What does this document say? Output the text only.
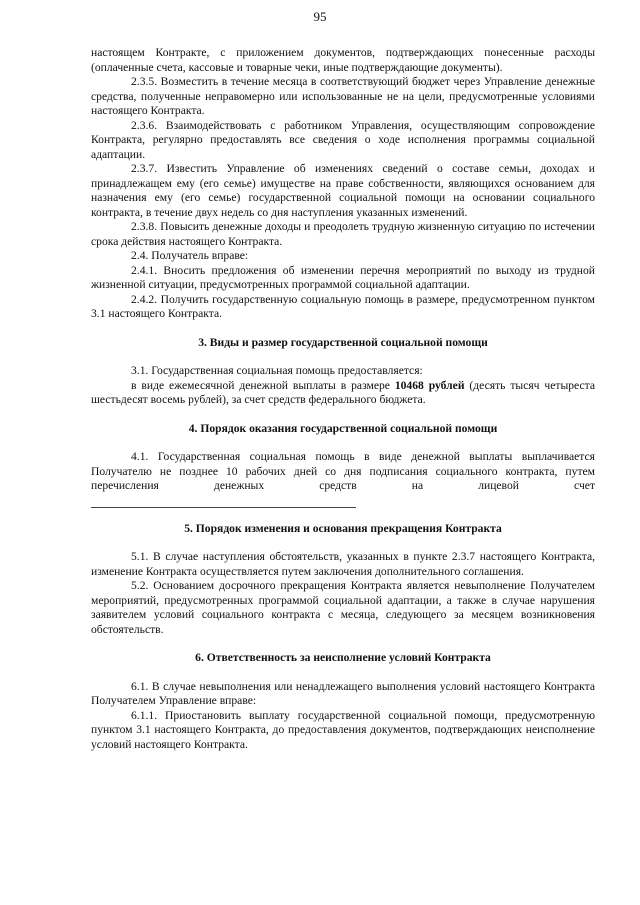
95

настоящем Контракте, с приложением документов, подтверждающих понесенные расходы (оплаченные счета, кассовые и товарные чеки, иные подтверждающие документы).

2.3.5. Возместить в течение месяца в соответствующий бюджет через Управление денежные средства, полученные неправомерно или использованные не на цели, предусмотренные условиями настоящего Контракта.

2.3.6. Взаимодействовать с работником Управления, осуществляющим сопровождение Контракта, регулярно предоставлять все сведения о ходе исполнения программы социальной адаптации.

2.3.7. Известить Управление об изменениях сведений о составе семьи, доходах и принадлежащем ему (его семье) имуществе на праве собственности, являющихся основанием для назначения ему (его семье) государственной социальной помощи на основании социального контракта, в течение двух недель со дня наступления указанных изменений.

2.3.8. Повысить денежные доходы и преодолеть трудную жизненную ситуацию по истечении срока действия настоящего Контракта.

2.4. Получатель вправе:

2.4.1. Вносить предложения об изменении перечня мероприятий по выходу из трудной жизненной ситуации, предусмотренных программой социальной адаптации.

2.4.2. Получить государственную социальную помощь в размере, предусмотренном пунктом 3.1 настоящего Контракта.

3. Виды и размер государственной социальной помощи

3.1. Государственная социальная помощь предоставляется:

в виде ежемесячной денежной выплаты в размере 10468 рублей (десять тысяч четыреста шестьдесят восемь рублей), за счет средств федерального бюджета.

4. Порядок оказания государственной социальной помощи

4.1. Государственная социальная помощь в виде денежной выплаты выплачивается Получателю не позднее 10 рабочих дней со дня подписания социального контракта, путем перечисления денежных средств на лицевой счет

5. Порядок изменения и основания прекращения Контракта

5.1. В случае наступления обстоятельств, указанных в пункте 2.3.7 настоящего Контракта, изменение Контракта осуществляется путем заключения дополнительного соглашения.

5.2. Основанием досрочного прекращения Контракта является невыполнение Получателем мероприятий, предусмотренных программой социальной адаптации, а также в случае нарушения заявителем условий социального контракта с месяца, следующего за месяцем возникновения обстоятельств.

6. Ответственность за неисполнение условий Контракта

6.1. В случае невыполнения или ненадлежащего выполнения условий настоящего Контракта Получателем Управление вправе:

6.1.1. Приостановить выплату государственной социальной помощи, предусмотренную пунктом 3.1 настоящего Контракта, до предоставления документов, подтверждающих неисполнение условий настоящего Контракта.
